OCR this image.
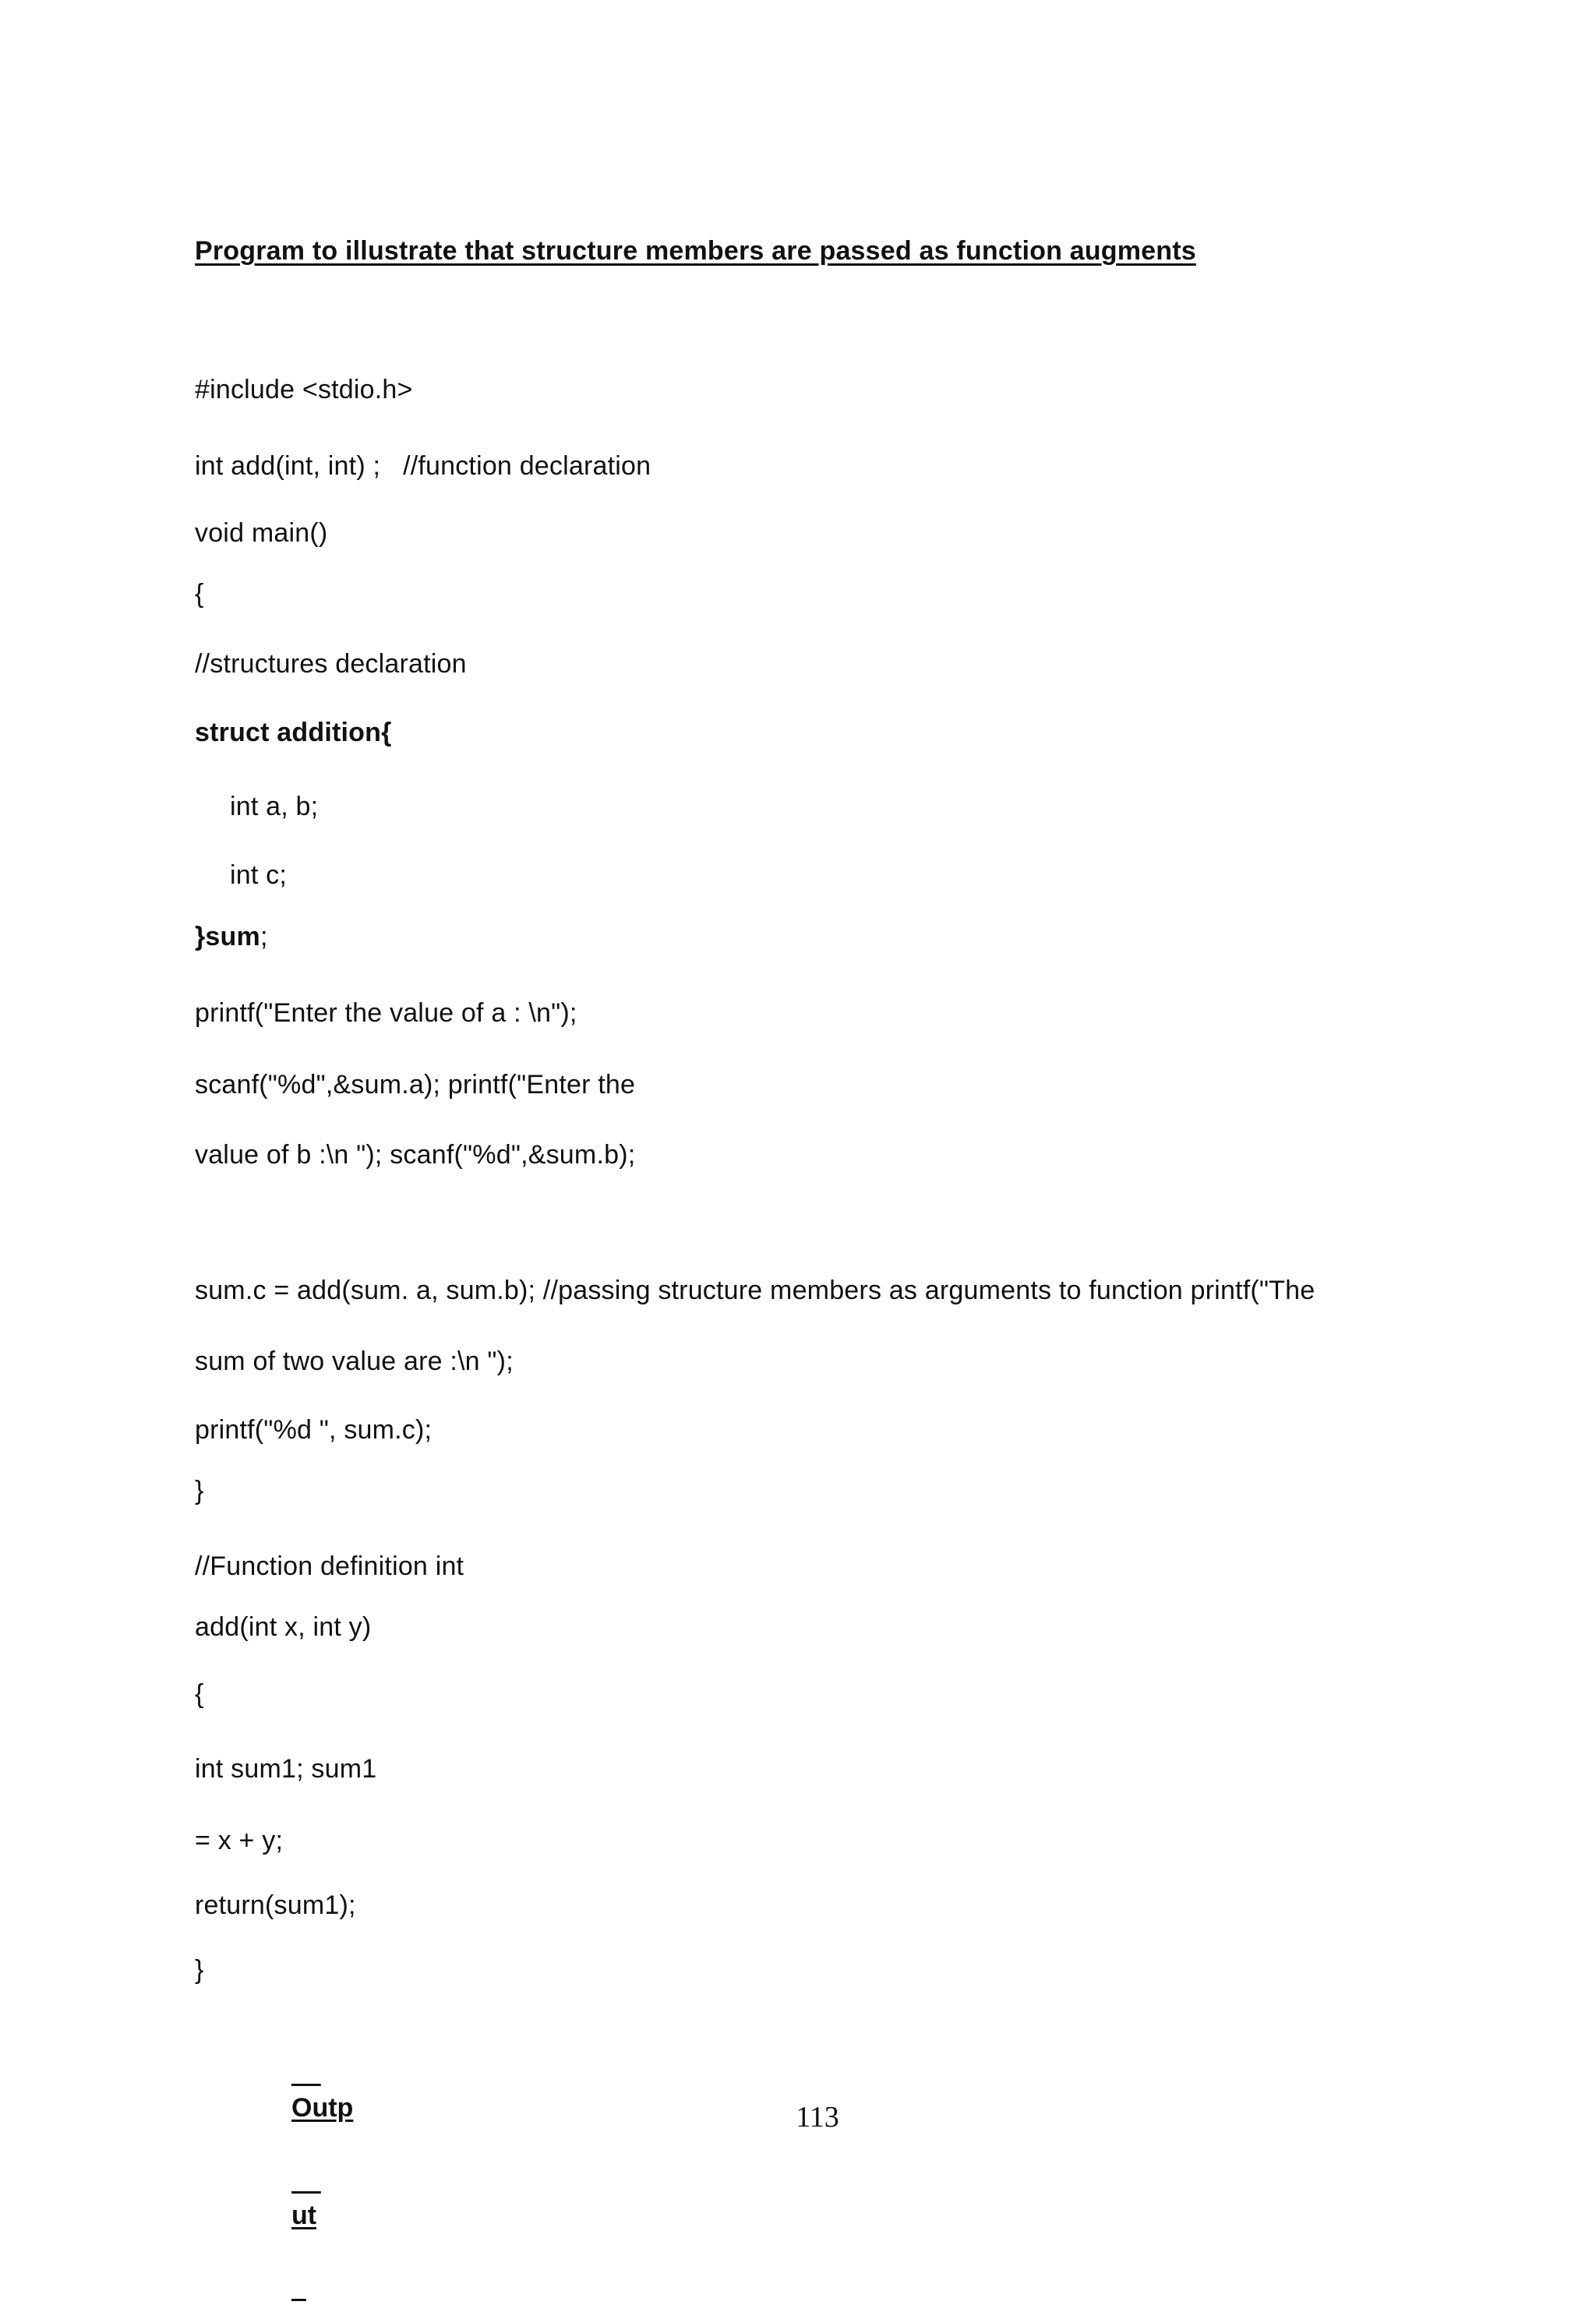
Program to illustrate that structure members are passed as function augments
#include <stdio.h>
int add(int, int) ;   //function declaration
void main()
{
//structures declaration
struct addition{
int a, b;
int c;
}sum;
printf("Enter the value of a : \n");
scanf("%d",&sum.a); printf("Enter the
value of b :\n "); scanf("%d",&sum.b);
sum.c = add(sum. a, sum.b); //passing structure members as arguments to function printf("The
sum of two value are :\n ");
printf("%d ", sum.c);
}
//Function definition int
add(int x, int y)
{
int sum1; sum1
= x + y;
return(sum1);
}

Outp

ut

113
